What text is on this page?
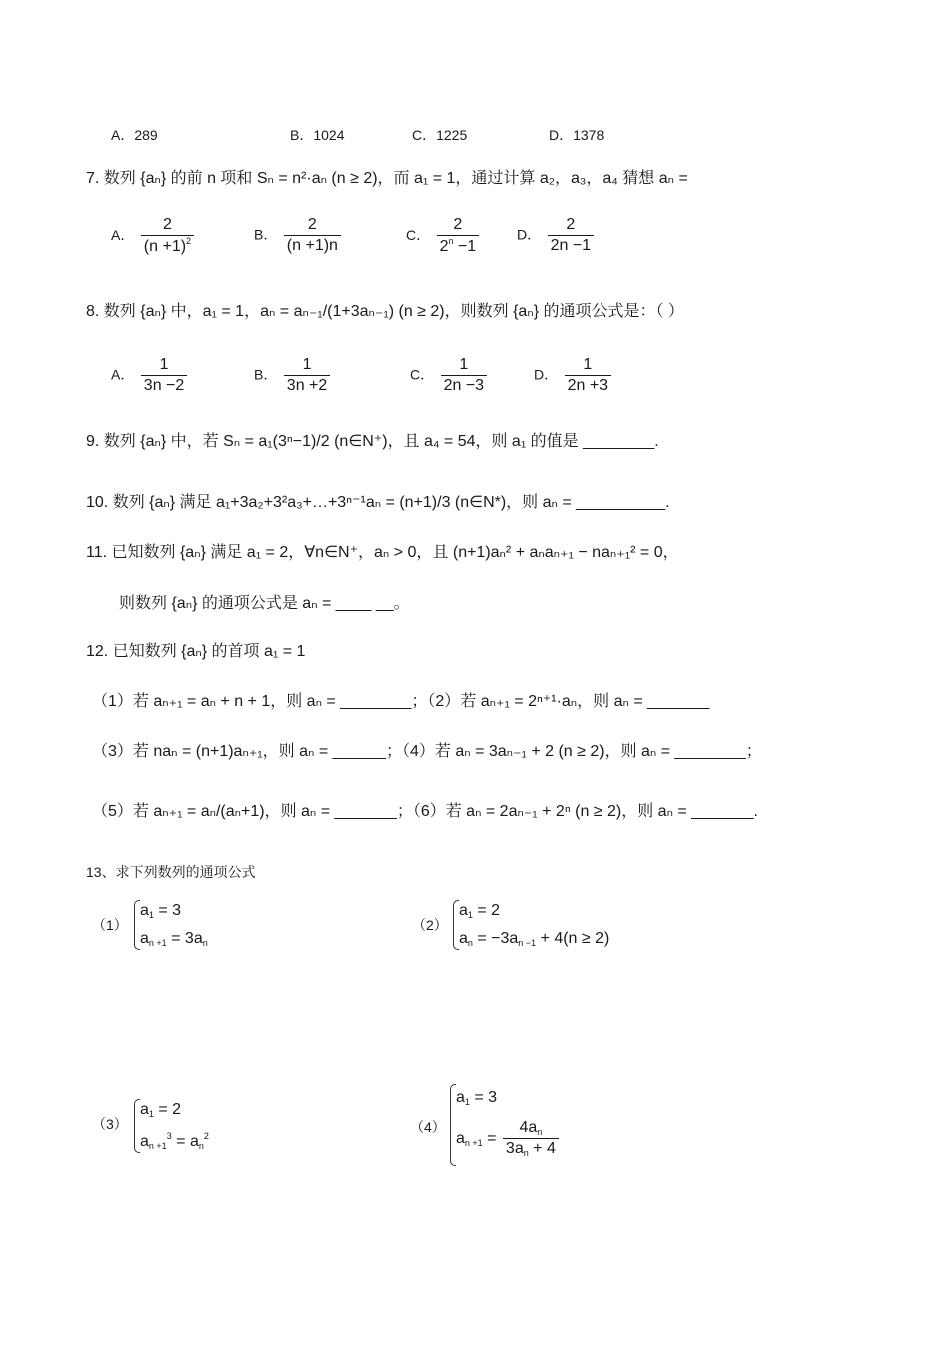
A．289	B．1024	C．1225	D．1378
7. 数列 {aₙ} 的前 n 项和 Sₙ = n²·aₙ (n ≥ 2)，而 a₁ = 1，通过计算 a₂，a₃，a₄ 猜想 aₙ =
A． $\frac{2}{(n +1)^2}$	B． $\frac{2}{(n +1)n}$	C． $\frac{2}{2^n -1}$	D． $\frac{2}{2n -1}$
8. 数列 {aₙ} 中，a₁ = 1，aₙ = aₙ₋₁/(1+3aₙ₋₁) (n ≥ 2)，则数列 {aₙ} 的通项公式是：（ ）
A． $\frac{1}{3n -2}$	B． $\frac{1}{3n +2}$	C． $\frac{1}{2n -3}$	D． $\frac{1}{2n +3}$
9. 数列 {aₙ} 中，若 Sₙ = a₁(3ⁿ−1)/2 (n∈N⁺)，且 a₄ = 54，则 a₁ 的值是 ________.
10. 数列 {aₙ} 满足 a₁+3a₂+3²a₃+…+3ⁿ⁻¹aₙ = (n+1)/3 (n∈N*)，则 aₙ = __________.
11. 已知数列 {aₙ} 满足 a₁ = 2，∀n∈N⁺，aₙ > 0，且 (n+1)aₙ² + aₙaₙ₊₁ − naₙ₊₁² = 0，
则数列 {aₙ} 的通项公式是 aₙ = ____ __。
12. 已知数列 {aₙ} 的首项 a₁ = 1
（1）若 aₙ₊₁ = aₙ + n + 1，则 aₙ = ________；（2）若 aₙ₊₁ = 2ⁿ⁺¹·aₙ，则 aₙ = _______
（3）若 naₙ = (n+1)aₙ₊₁，则 aₙ = ______；（4）若 aₙ = 3aₙ₋₁ + 2 (n ≥ 2)，则 aₙ = ________；
（5）若 aₙ₊₁ = aₙ/(aₙ+1)，则 aₙ = _______；（6）若 aₙ = 2aₙ₋₁ + 2ⁿ (n ≥ 2)，则 aₙ = _______.
13、求下列数列的通项公式
（1）
$a_1 = 3$
$a_{n +1} = 3a_n$
（2）
$a_1 = 2$
$a_n = -3a_{n -1} + 4(n \ge 2)$
（3）
$a_1 = 2$
$a_{n +1}^3 = a_n^2$
（4）
$a_1 = 3$
$a_{n +1} = \frac{4a_n}{3a_n + 4}$
